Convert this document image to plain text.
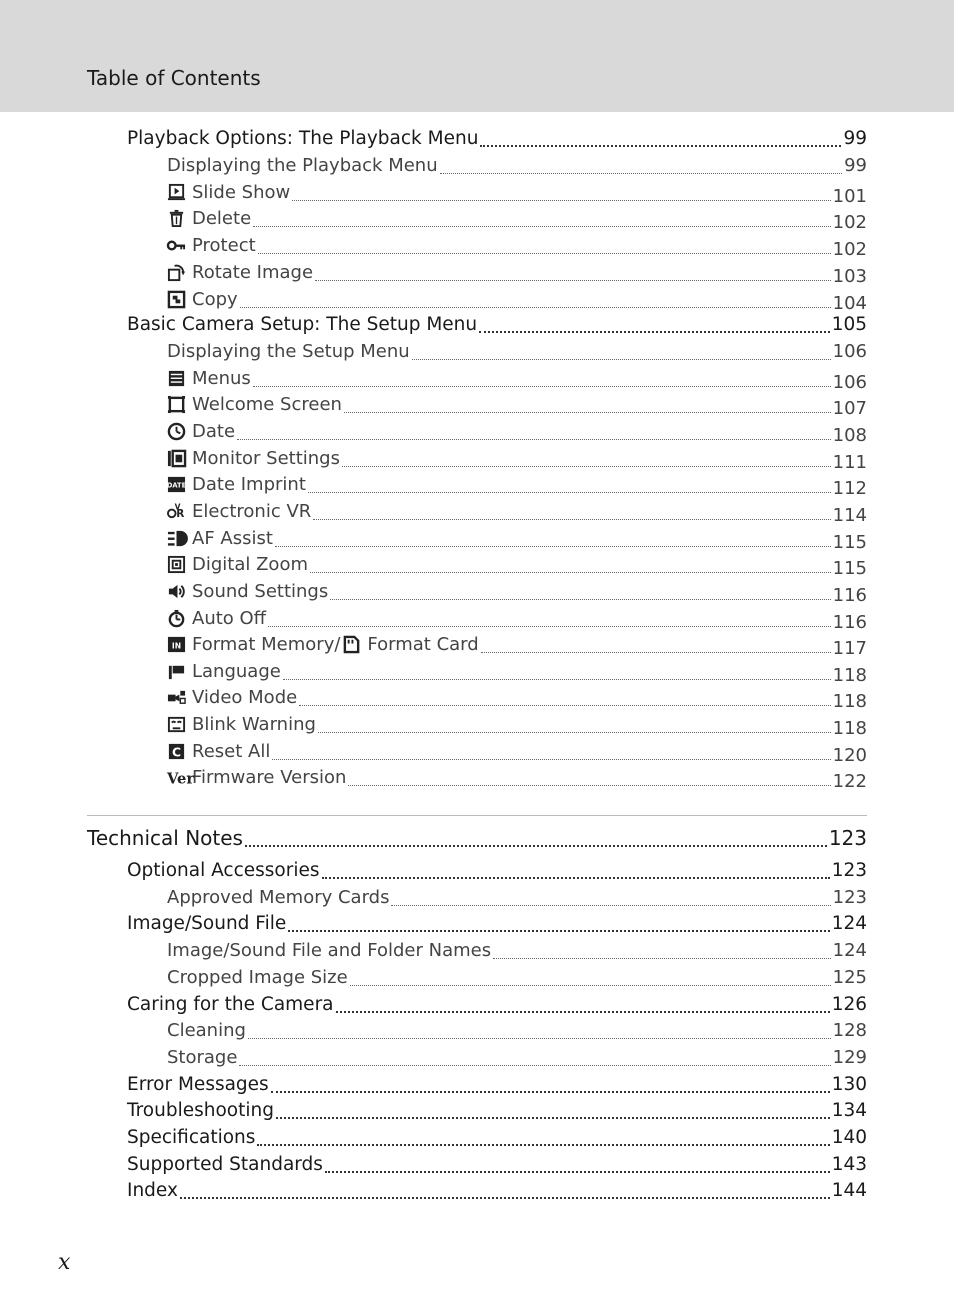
Table of Contents
x
Playback Options: The Playback Menu	99
Displaying the Playback Menu	99
Slide Show	101
Delete	102
Protect	102
Rotate Image	103
Copy	104
Basic Camera Setup: The Setup Menu	105
Displaying the Setup Menu	106
Menus	106
Welcome Screen	107
Date	108
Monitor Settings	111
DATE Date Imprint	112
R
V Electronic VR	114
AF Assist	115
Digital Zoom	115
Sound Settings	116
Auto Off	116
IN Format Memory/ Format Card	117
Language	118
Video Mode	118
Blink Warning	118
C Reset All	120
Ver
Firmware Version	122
Technical Notes	123
Optional Accessories	123
Approved Memory Cards	123
Image/Sound File	124
Image/Sound File and Folder Names	124
Cropped Image Size	125
Caring for the Camera	126
Cleaning	128
Storage	129
Error Messages	130
Troubleshooting	134
Specifications	140
Supported Standards	143
Index	144
